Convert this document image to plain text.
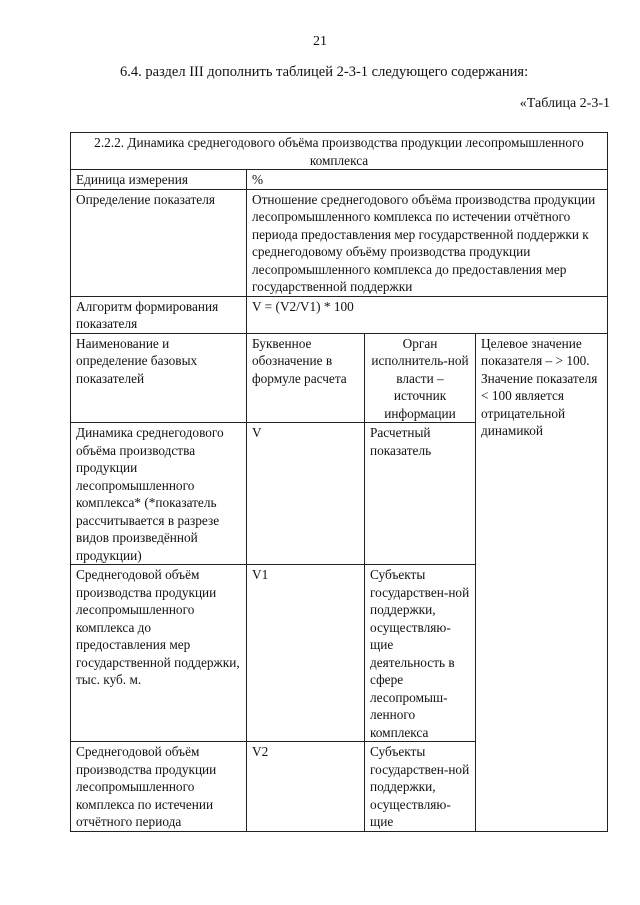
21
6.4. раздел III дополнить таблицей 2-3-1 следующего содержания:
«Таблица 2-3-1
2.2.2. Динамика среднегодового объёма производства продукции лесопромышленного комплекса			
Единица измерения	%		
Определение показателя	Отношение среднегодового объёма производства продукции лесопромышленного комплекса по истечении отчётного периода предоставления мер государственной поддержки к среднегодовому объёму производства продукции лесопромышленного комплекса до предоставления мер государственной поддержки		
Алгоритм формирования показателя	V = (V2/V1) * 100		
Наименование и определение базовых показателей	Буквенное обозначение в формуле расчета	Орган исполнитель-ной власти – источник информации	Целевое значение показателя – > 100. Значение показателя < 100 является отрицательной динамикой
Динамика среднегодового объёма производства продукции лесопромышленного комплекса* (*показатель рассчитывается в разрезе видов произведённой продукции)	V	Расчетный показатель	
Среднегодовой объём производства продукции лесопромышленного комплекса до предоставления мер государственной поддержки, тыс. куб. м.	V1	Субъекты государствен-ной поддержки, осуществляю-щие деятельность в сфере лесопромыш-ленного комплекса	
Среднегодовой объём производства продукции лесопромышленного комплекса по истечении отчётного периода	V2	Субъекты государствен-ной поддержки, осуществляю-щие	
